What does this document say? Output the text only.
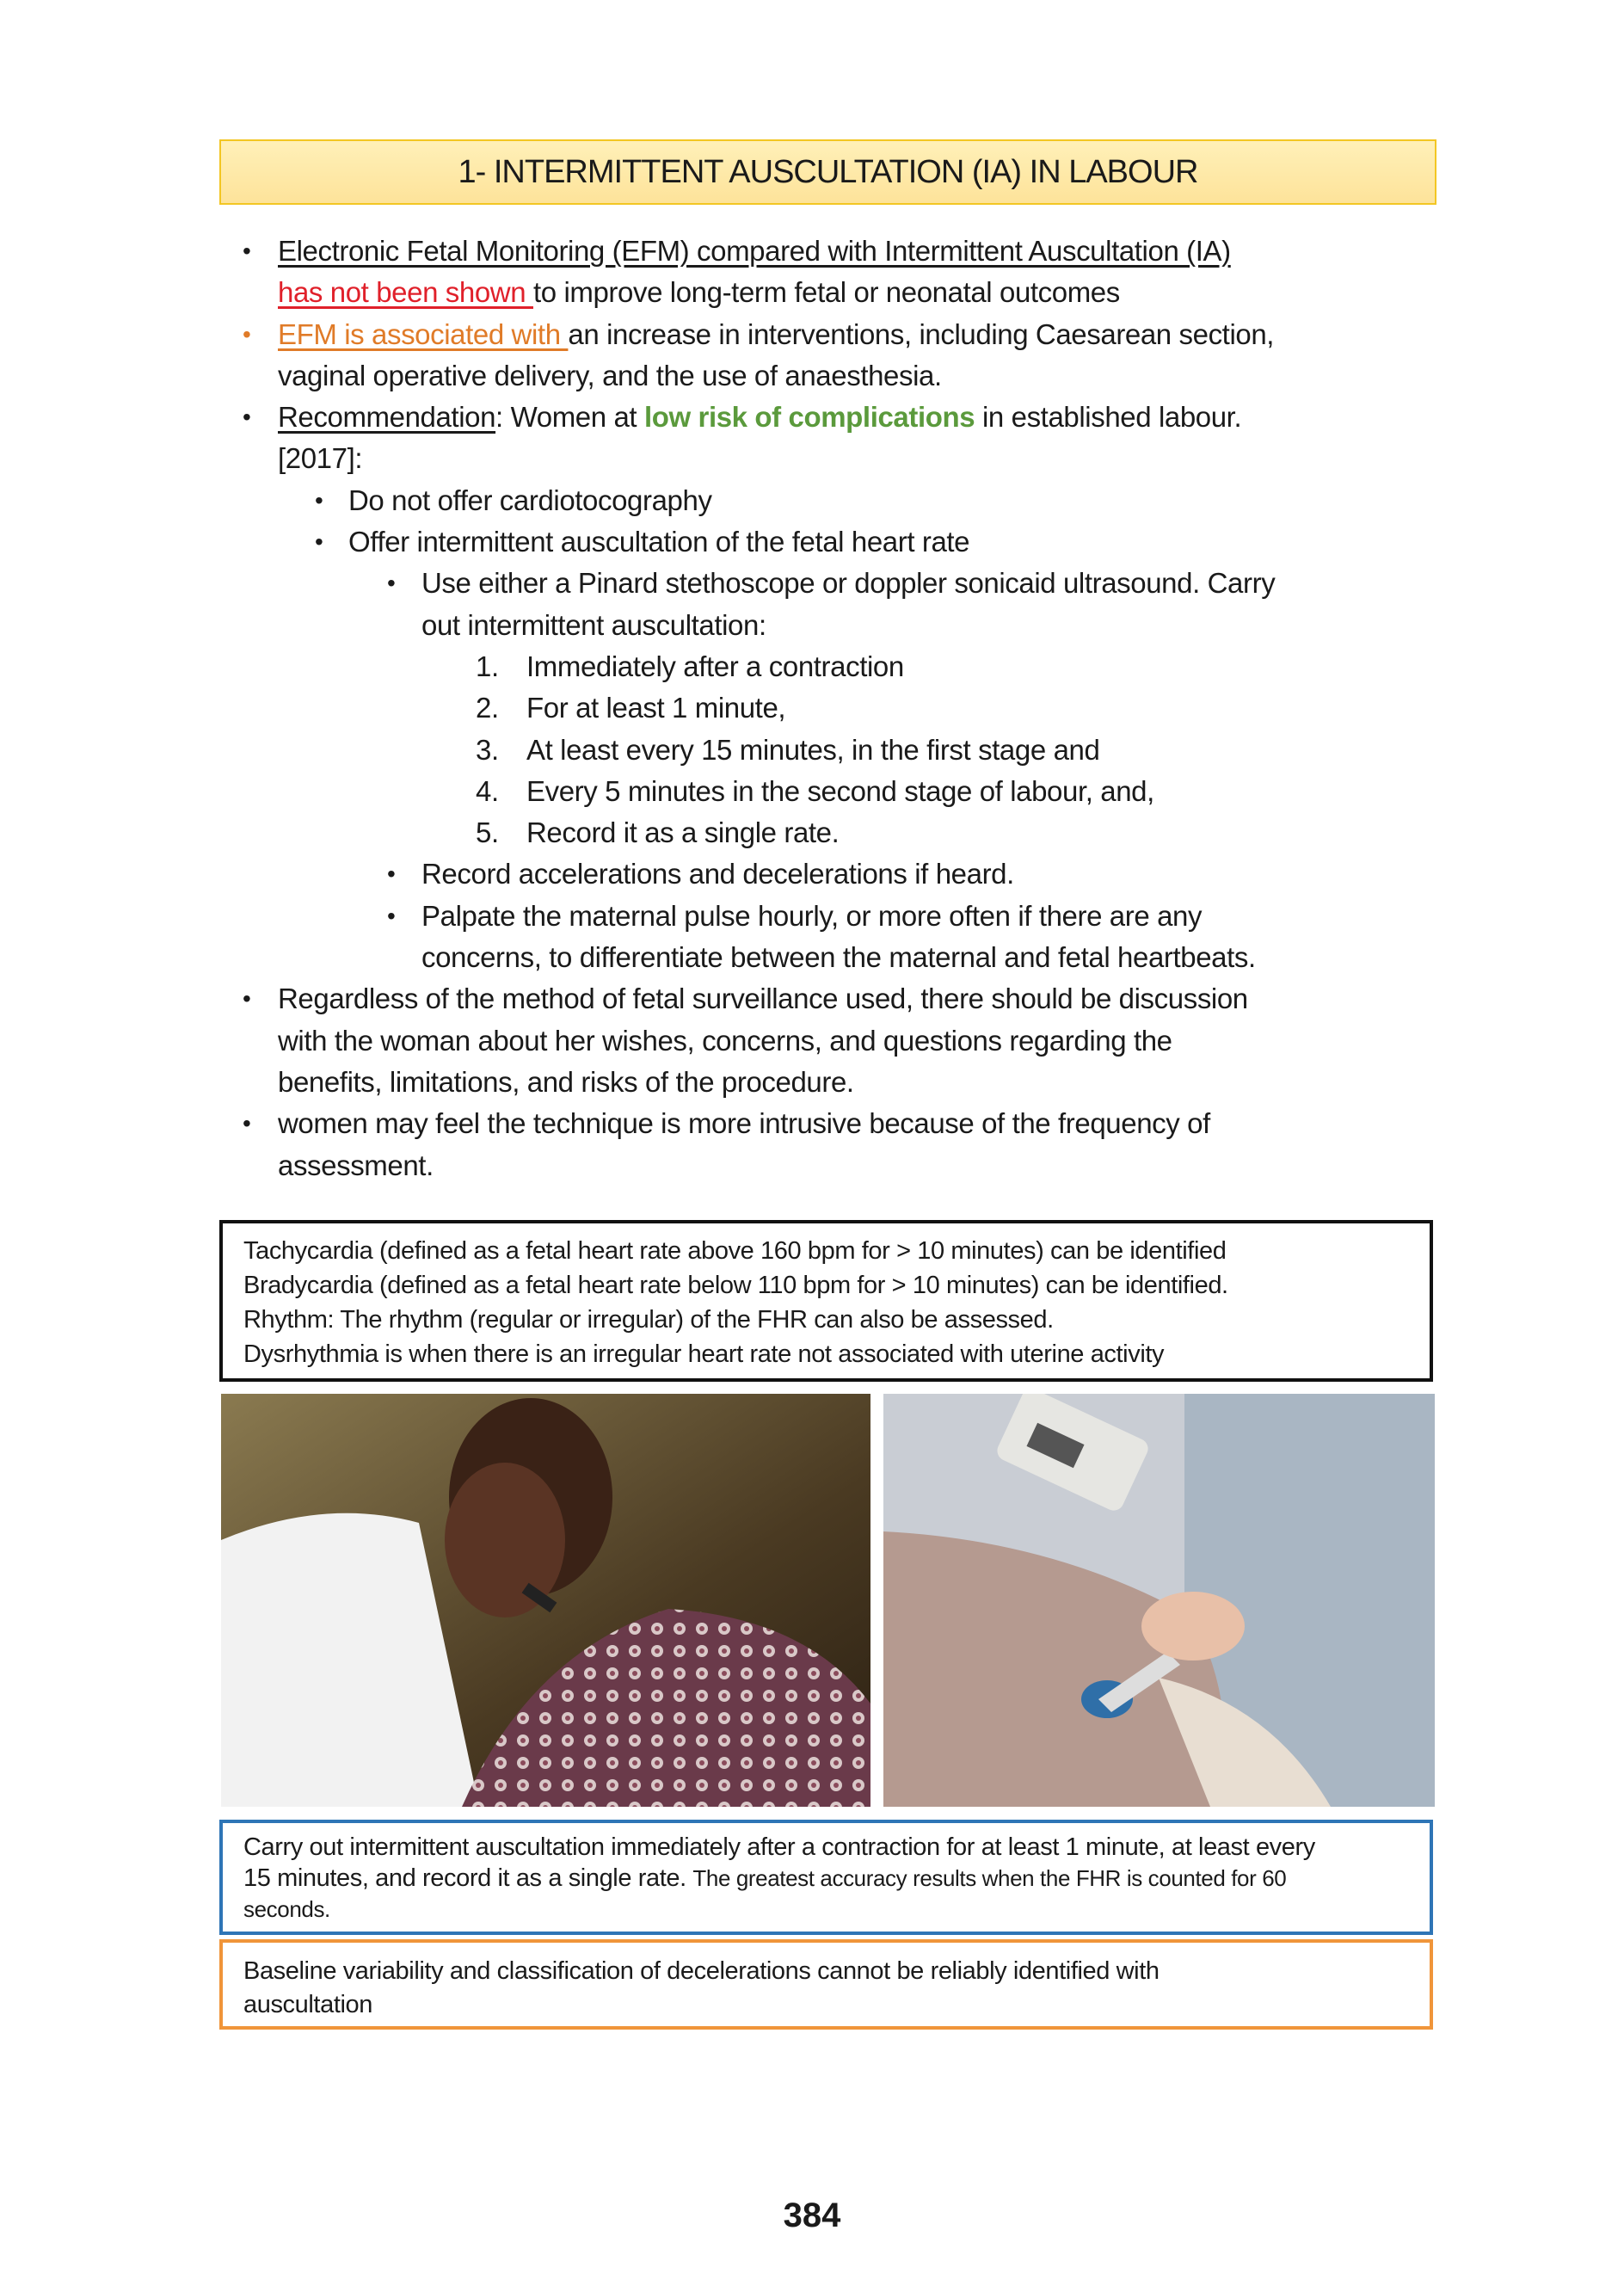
1- INTERMITTENT AUSCULTATION (IA) IN LABOUR
• Electronic Fetal Monitoring (EFM) compared with Intermittent Auscultation (IA)
has not been shown to improve long-term fetal or neonatal outcomes
• EFM is associated with an increase in interventions, including Caesarean section,
vaginal operative delivery, and the use of anaesthesia.
• Recommendation: Women at low risk of complications in established labour.
[2017]:
• Do not offer cardiotocography
• Offer intermittent auscultation of the fetal heart rate
• Use either a Pinard stethoscope or doppler sonicaid ultrasound. Carry
out intermittent auscultation:
1. Immediately after a contraction
2. For at least 1 minute,
3. At least every 15 minutes, in the first stage and
4. Every 5 minutes in the second stage of labour, and,
5. Record it as a single rate.
• Record accelerations and decelerations if heard.
• Palpate the maternal pulse hourly, or more often if there are any
concerns, to differentiate between the maternal and fetal heartbeats.
• Regardless of the method of fetal surveillance used, there should be discussion
with the woman about her wishes, concerns, and questions regarding the
benefits, limitations, and risks of the procedure.
• women may feel the technique is more intrusive because of the frequency of
assessment.
Tachycardia (defined as a fetal heart rate above 160 bpm for > 10 minutes) can be identified
Bradycardia (defined as a fetal heart rate below 110 bpm for > 10 minutes) can be identified.
Rhythm: The rhythm (regular or irregular) of the FHR can also be assessed.
Dysrhythmia is when there is an irregular heart rate not associated with uterine activity
Carry out intermittent auscultation immediately after a contraction for at least 1 minute, at least every
15 minutes, and record it as a single rate. The greatest accuracy results when the FHR is counted for 60
seconds.
Baseline variability and classification of decelerations cannot be reliably identified with
auscultation
384
